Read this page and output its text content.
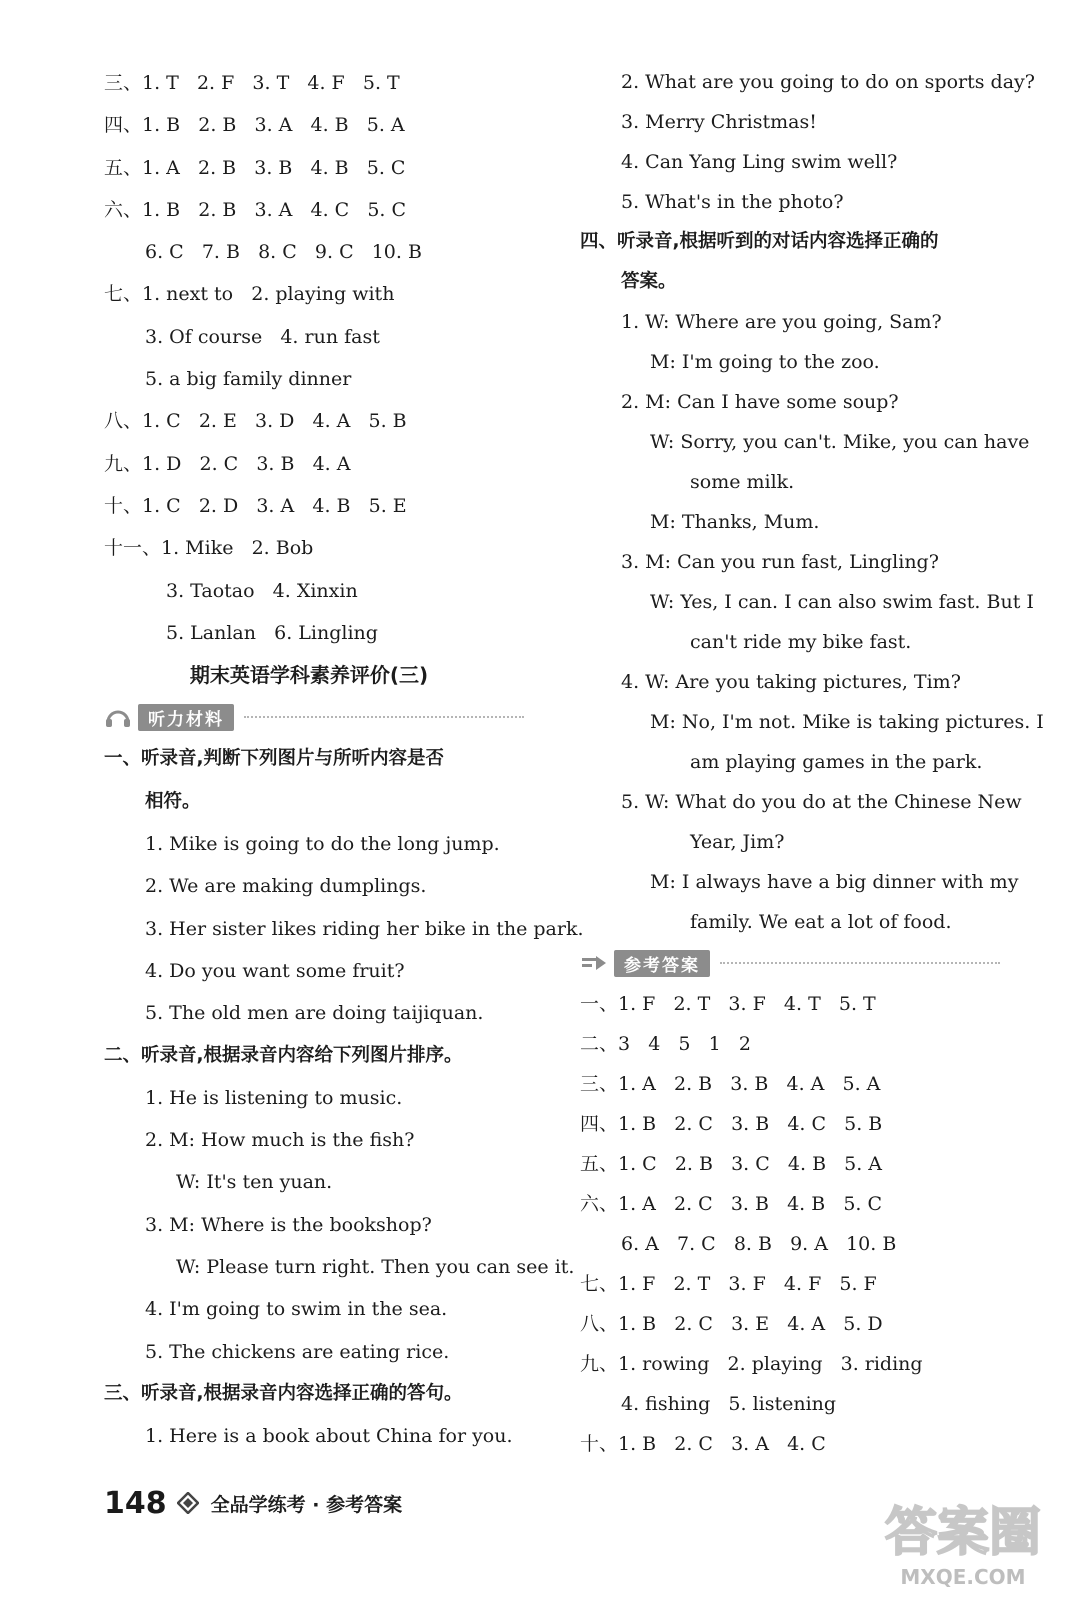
三、1. T   2. F   3. T   4. F   5. T
四、1. B   2. B   3. A   4. B   5. A
五、1. A   2. B   3. B   4. B   5. C
六、1. B   2. B   3. A   4. C   5. C
6. C   7. B   8. C   9. C   10. B
七、1. next to   2. playing with
3. Of course   4. run fast
5. a big family dinner
八、1. C   2. E   3. D   4. A   5. B
九、1. D   2. C   3. B   4. A
十、1. C   2. D   3. A   4. B   5. E
十一、1. Mike   2. Bob
3. Taotao   4. Xinxin
5. Lanlan   6. Lingling
期末英语学科素养评价(三)
听力材料
一、听录音,判断下列图片与所听内容是否
相符。
1. Mike is going to do the long jump.
2. We are making dumplings.
3. Her sister likes riding her bike in the park.
4. Do you want some fruit?
5. The old men are doing taijiquan.
二、听录音,根据录音内容给下列图片排序。
1. He is listening to music.
2. M: How much is the fish?
W: It's ten yuan.
3. M: Where is the bookshop?
W: Please turn right. Then you can see it.
4. I'm going to swim in the sea.
5. The chickens are eating rice.
三、听录音,根据录音内容选择正确的答句。
1. Here is a book about China for you.
2. What are you going to do on sports day?
3. Merry Christmas!
4. Can Yang Ling swim well?
5. What's in the photo?
四、听录音,根据听到的对话内容选择正确的
答案。
1. W: Where are you going, Sam?
M: I'm going to the zoo.
2. M: Can I have some soup?
W: Sorry, you can't. Mike, you can have
some milk.
M: Thanks, Mum.
3. M: Can you run fast, Lingling?
W: Yes, I can. I can also swim fast. But I
can't ride my bike fast.
4. W: Are you taking pictures, Tim?
M: No, I'm not. Mike is taking pictures. I
am playing games in the park.
5. W: What do you do at the Chinese New
Year, Jim?
M: I always have a big dinner with my
family. We eat a lot of food.
参考答案
一、1. F   2. T   3. F   4. T   5. T
二、3   4   5   1   2
三、1. A   2. B   3. B   4. A   5. A
四、1. B   2. C   3. B   4. C   5. B
五、1. C   2. B   3. C   4. B   5. A
六、1. A   2. C   3. B   4. B   5. C
6. A   7. C   8. B   9. A   10. B
七、1. F   2. T   3. F   4. F   5. F
八、1. B   2. C   3. E   4. A   5. D
九、1. rowing   2. playing   3. riding
4. fishing   5. listening
十、1. B   2. C   3. A   4. C
148 全品学练考 · 参考答案	答案圈
MXQE.COM
